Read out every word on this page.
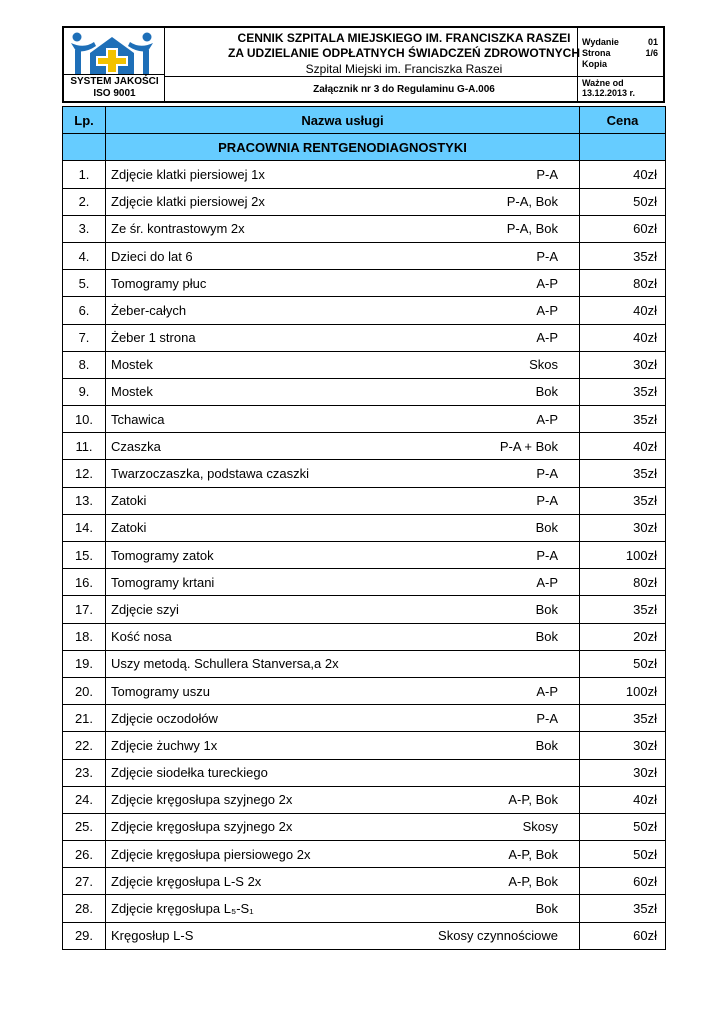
SYSTEM JAKOŚCI
ISO 9001
CENNIK SZPITALA MIEJSKIEGO IM. FRANCISZKA RASZEI
ZA UDZIELANIE ODPŁATNYCH ŚWIADCZEŃ ZDROWOTNYCH
Szpital Miejski im. Franciszka Raszei
Załącznik nr 3 do Regulaminu G-A.006
Wydanie	01
Strona	1/6
Kopia
Ważne od
13.12.2013 r.
Lp.	Nazwa usługi	Cena
	PRACOWNIA RENTGENODIAGNOSTYKI	
1.	Zdjęcie klatki piersiowej 1x P-A	40zł
2.	Zdjęcie klatki piersiowej 2x P-A, Bok	50zł
3.	Ze śr. kontrastowym 2x P-A, Bok	60zł
4.	Dzieci do lat 6 P-A	35zł
5.	Tomogramy płuc A-P	80zł
6.	Żeber-całych A-P	40zł
7.	Żeber 1 strona A-P	40zł
8.	Mostek Skos	30zł
9.	Mostek Bok	35zł
10.	Tchawica A-P	35zł
11.	Czaszka P-A + Bok	40zł
12.	Twarzoczaszka, podstawa czaszki P-A	35zł
13.	Zatoki P-A	35zł
14.	Zatoki Bok	30zł
15.	Tomogramy zatok P-A	100zł
16.	Tomogramy krtani A-P	80zł
17.	Zdjęcie szyi Bok	35zł
18.	Kość nosa Bok	20zł
19.	Uszy metodą. Schullera Stanversa,a 2x	50zł
20.	Tomogramy uszu A-P	100zł
21.	Zdjęcie oczodołów P-A	35zł
22.	Zdjęcie żuchwy 1x Bok	30zł
23.	Zdjęcie siodełka tureckiego	30zł
24.	Zdjęcie kręgosłupa szyjnego 2x A-P, Bok	40zł
25.	Zdjęcie kręgosłupa szyjnego 2x Skosy	50zł
26.	Zdjęcie kręgosłupa piersiowego 2x A-P, Bok	50zł
27.	Zdjęcie kręgosłupa L-S 2x A-P, Bok	60zł
28.	Zdjęcie kręgosłupa L₅-S₁ Bok	35zł
29.	Kręgosłup L-S Skosy czynnościowe	60zł
